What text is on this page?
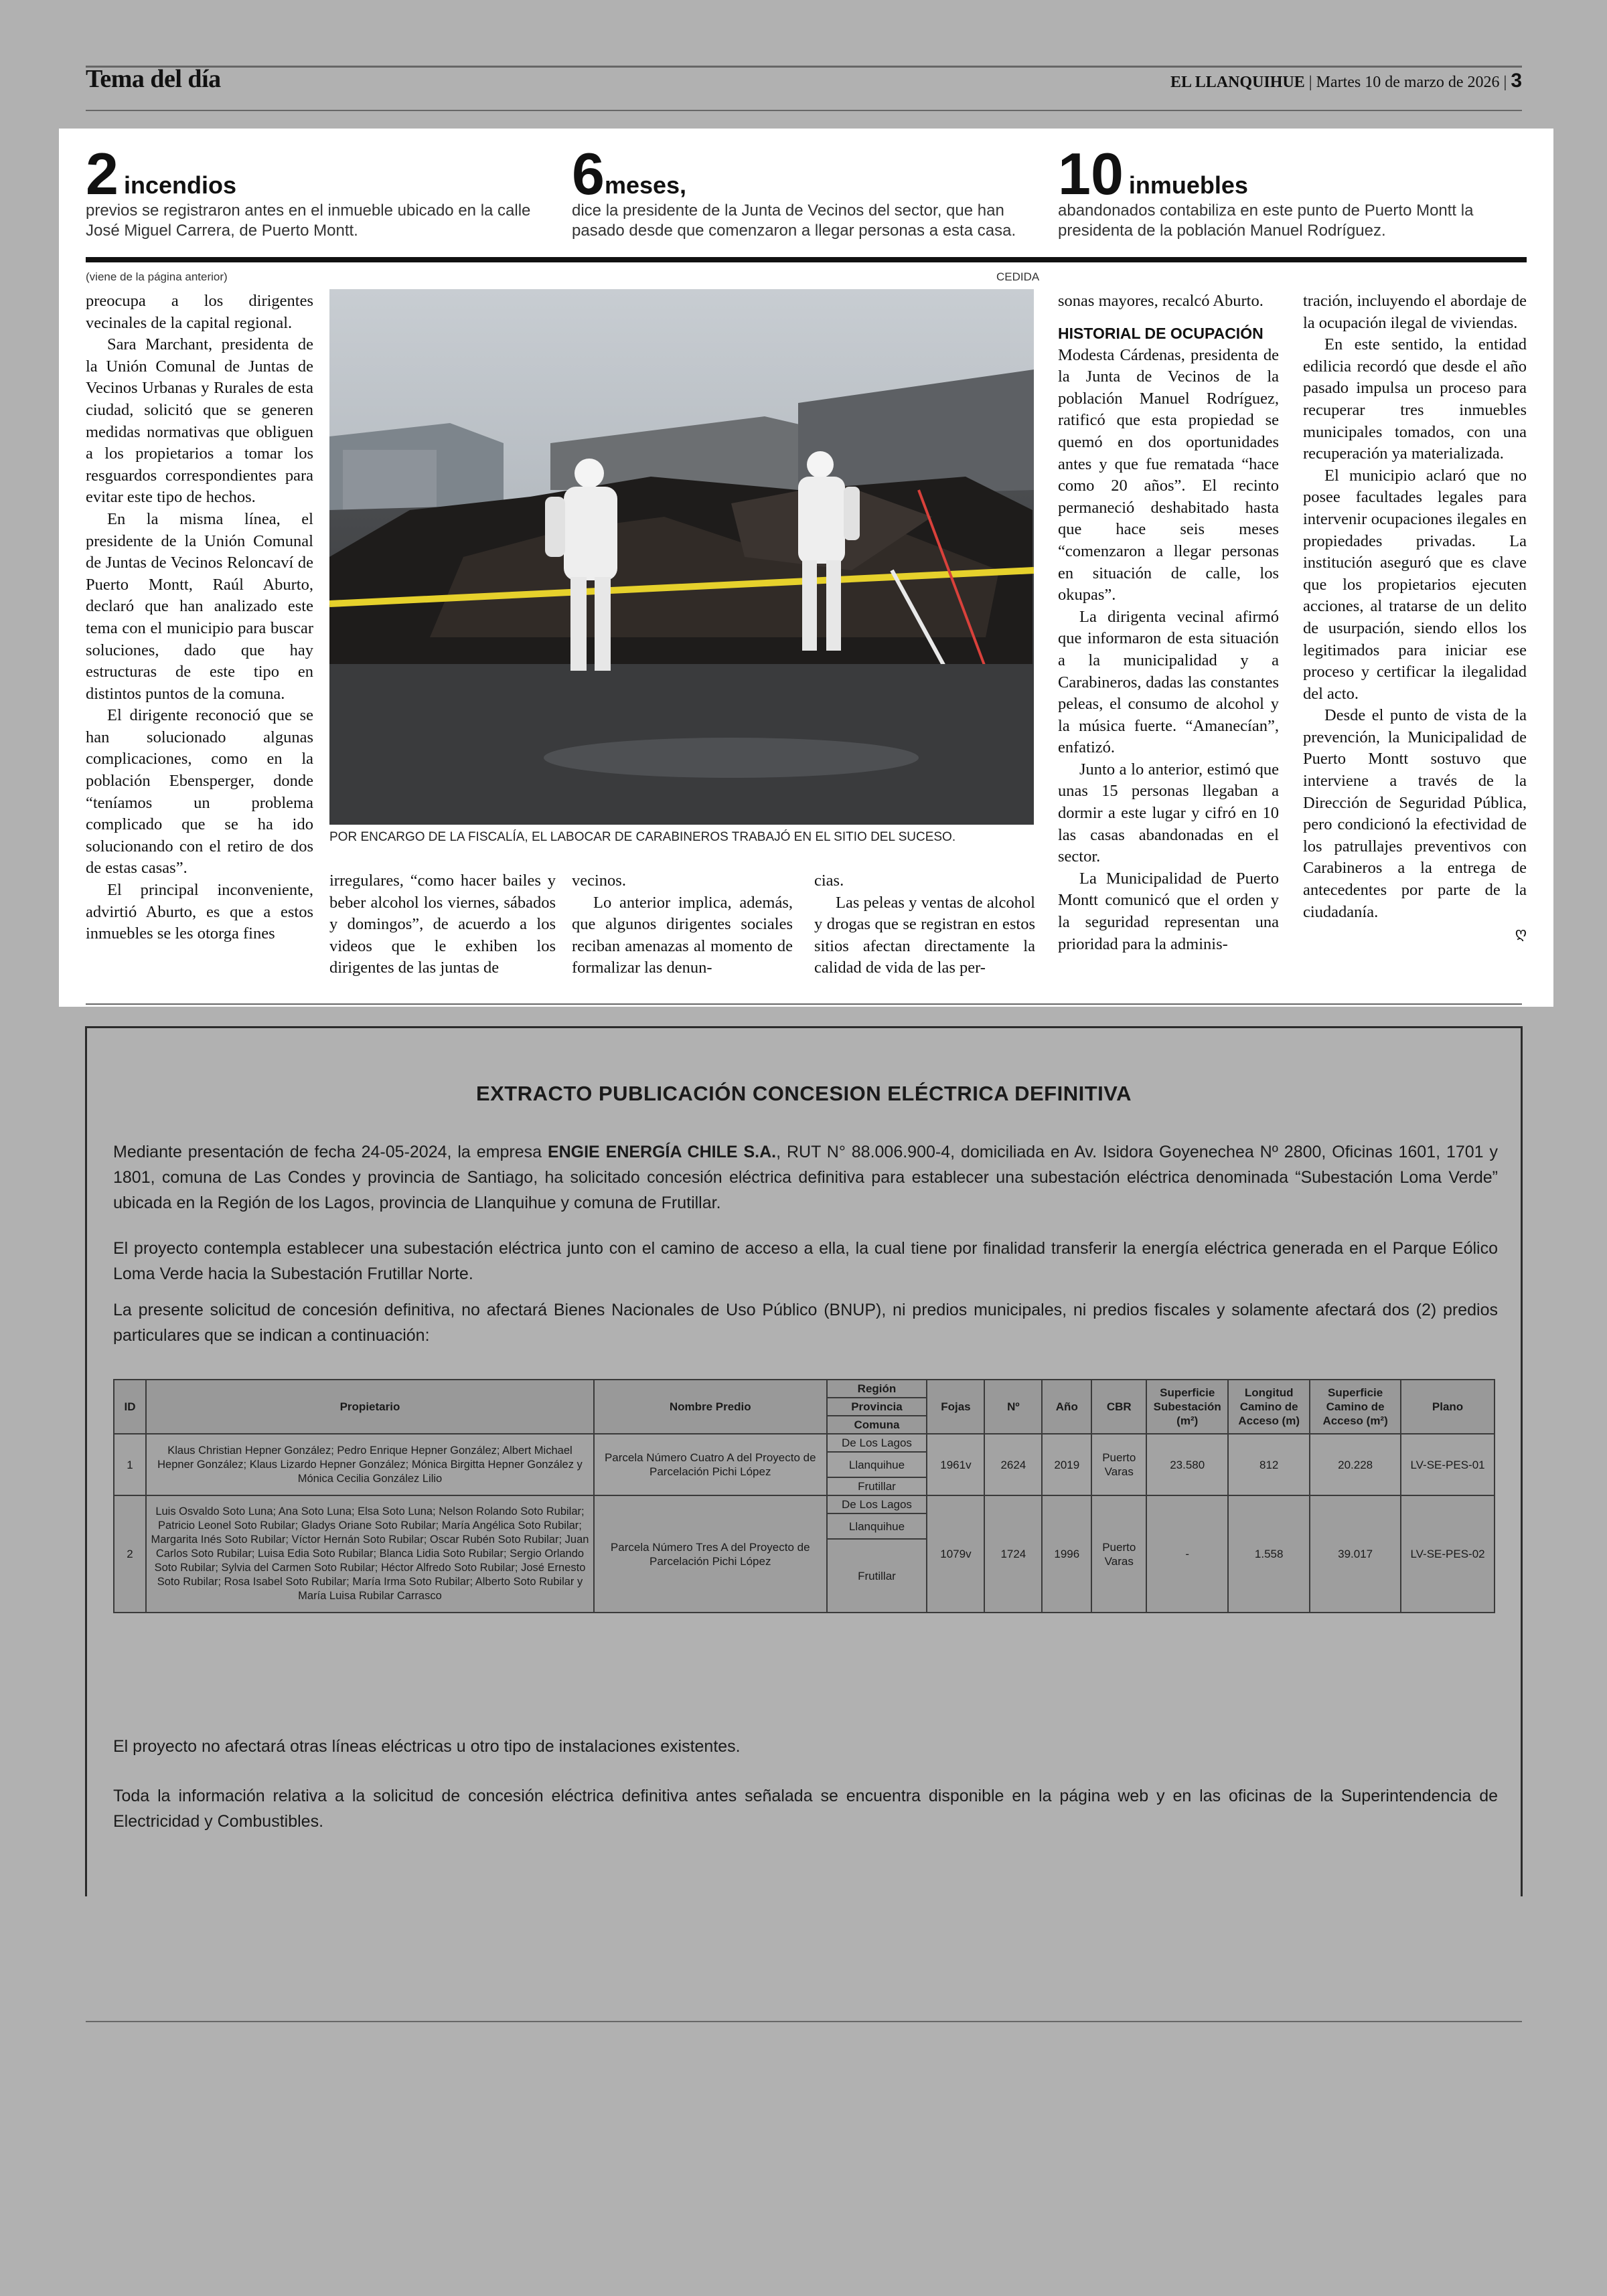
Tema del día	EL LLANQUIHUE | Martes 10 de marzo de 2026 | 3
2 incendios
previos se registraron antes en el inmueble ubicado en la calle José Miguel Carrera, de Puerto Montt.
6meses,
dice la presidente de la Junta de Vecinos del sector, que han pasado desde que comenzaron a llegar personas a esta casa.
10 inmuebles
abandonados contabiliza en este punto de Puerto Montt la presidenta de la población Manuel Rodríguez.
(viene de la página anterior)	CEDIDA

preocupa a los dirigentes vecinales de la capital regional.

Sara Marchant, presidenta de la Unión Comunal de Juntas de Vecinos Urbanas y Rurales de esta ciudad, solicitó que se generen medidas normativas que obliguen a los propietarios a tomar los resguardos correspondientes para evitar este tipo de hechos.

En la misma línea, el presidente de la Unión Comunal de Juntas de Vecinos Reloncaví de Puerto Montt, Raúl Aburto, declaró que han analizado este tema con el municipio para buscar soluciones, dado que hay estructuras de este tipo en distintos puntos de la comuna.

El dirigente reconoció que se han solucionado algunas complicaciones, como en la población Ebensperger, donde “teníamos un problema complicado que se ha ido solucionando con el retiro de dos de estas casas”.

El principal inconveniente, advirtió Aburto, es que a estos inmuebles se les otorga fines

POR ENCARGO DE LA FISCALÍA, EL LABOCAR DE CARABINEROS TRABAJÓ EN EL SITIO DEL SUCESO.

irregulares, “como hacer bailes y beber alcohol los viernes, sábados y domingos”, de acuerdo a los videos que le exhiben los dirigentes de las juntas de

vecinos.

Lo anterior implica, además, que algunos dirigentes sociales reciban amenazas al momento de formalizar las denun-

cias.

Las peleas y ventas de alcohol y drogas que se registran en estos sitios afectan directamente la calidad de vida de las per-

sonas mayores, recalcó Aburto.

HISTORIAL DE OCUPACIÓN

Modesta Cárdenas, presidenta de la Junta de Vecinos de la población Manuel Rodríguez, ratificó que esta propiedad se quemó en dos oportunidades antes y que fue rematada “hace como 20 años”. El recinto permaneció deshabitado hasta que hace seis meses “comenzaron a llegar personas en situación de calle, los okupas”.

La dirigenta vecinal afirmó que informaron de esta situación a la municipalidad y a Carabineros, dadas las constantes peleas, el consumo de alcohol y la música fuerte. “Amanecían”, enfatizó.

Junto a lo anterior, estimó que unas 15 personas llegaban a dormir a este lugar y cifró en 10 las casas abandonadas en el sector.

La Municipalidad de Puerto Montt comunicó que el orden y la seguridad representan una prioridad para la adminis-

tración, incluyendo el abordaje de la ocupación ilegal de viviendas.

En este sentido, la entidad edilicia recordó que desde el año pasado impulsa un proceso para recuperar tres inmuebles municipales tomados, con una recuperación ya materializada.

El municipio aclaró que no posee facultades legales para intervenir ocupaciones ilegales en propiedades privadas. La institución aseguró que es clave que los propietarios ejecuten acciones, al tratarse de un delito de usurpación, siendo ellos los legitimados para iniciar ese proceso y certificar la ilegalidad del acto.

Desde el punto de vista de la prevención, la Municipalidad de Puerto Montt sostuvo que interviene a través de la Dirección de Seguridad Pública, pero condicionó la efectividad de los patrullajes preventivos con Carabineros a la entrega de antecedentes por parte de la ciudadanía.

ღ
EXTRACTO PUBLICACIÓN CONCESION ELÉCTRICA DEFINITIVA
Mediante presentación de fecha 24-05-2024, la empresa ENGIE ENERGÍA CHILE S.A., RUT N° 88.006.900-4, domiciliada en Av. Isidora Goyenechea Nº 2800, Oficinas 1601, 1701 y 1801, comuna de Las Condes y provincia de Santiago, ha solicitado concesión eléctrica definitiva para establecer una subestación eléctrica denominada “Subestación Loma Verde” ubicada en la Región de los Lagos, provincia de Llanquihue y comuna de Frutillar.
El proyecto contempla establecer una subestación eléctrica junto con el camino de acceso a ella, la cual tiene por finalidad transferir la energía eléctrica generada en el Parque Eólico Loma Verde hacia la Subestación Frutillar Norte.
La presente solicitud de concesión definitiva, no afectará Bienes Nacionales de Uso Público (BNUP), ni predios municipales, ni predios fiscales y solamente afectará dos (2) predios particulares que se indican a continuación:
ID	Propietario	Nombre Predio	Región	Fojas	Nº	Año	CBR	Superficie Subestación (m²)	Longitud Camino de Acceso (m)	Superficie Camino de Acceso (m²)	Plano
			Provincia								
			Comuna								
1	Klaus Christian Hepner González; Pedro Enrique Hepner González; Albert Michael Hepner González; Klaus Lizardo Hepner González; Mónica Birgitta Hepner González y Mónica Cecilia González Lilio	Parcela Número Cuatro A del Proyecto de Parcelación Pichi López	De Los Lagos	1961v	2624	2019	Puerto Varas	23.580	812	20.228	LV-SE-PES-01
			Llanquihue								
			Frutillar								
2	Luis Osvaldo Soto Luna; Ana Soto Luna; Elsa Soto Luna; Nelson Rolando Soto Rubilar; Patricio Leonel Soto Rubilar; Gladys Oriane Soto Rubilar; María Angélica Soto Rubilar; Margarita Inés Soto Rubilar; Víctor Hernán Soto Rubilar; Oscar Rubén Soto Rubilar; Juan Carlos Soto Rubilar; Luisa Edia Soto Rubilar; Blanca Lidia Soto Rubilar; Sergio Orlando Soto Rubilar; Sylvia del Carmen Soto Rubilar; Héctor Alfredo Soto Rubilar; José Ernesto Soto Rubilar; Rosa Isabel Soto Rubilar; María Irma Soto Rubilar; Alberto Soto Rubilar y María Luisa Rubilar Carrasco	Parcela Número Tres A del Proyecto de Parcelación Pichi López	De Los Lagos	1079v	1724	1996	Puerto Varas	-	1.558	39.017	LV-SE-PES-02
			Llanquihue								
			Frutillar								
El proyecto no afectará otras líneas eléctricas u otro tipo de instalaciones existentes.
Toda la información relativa a la solicitud de concesión eléctrica definitiva antes señalada se encuentra disponible en la página web y en las oficinas de la Superintendencia de Electricidad y Combustibles.
